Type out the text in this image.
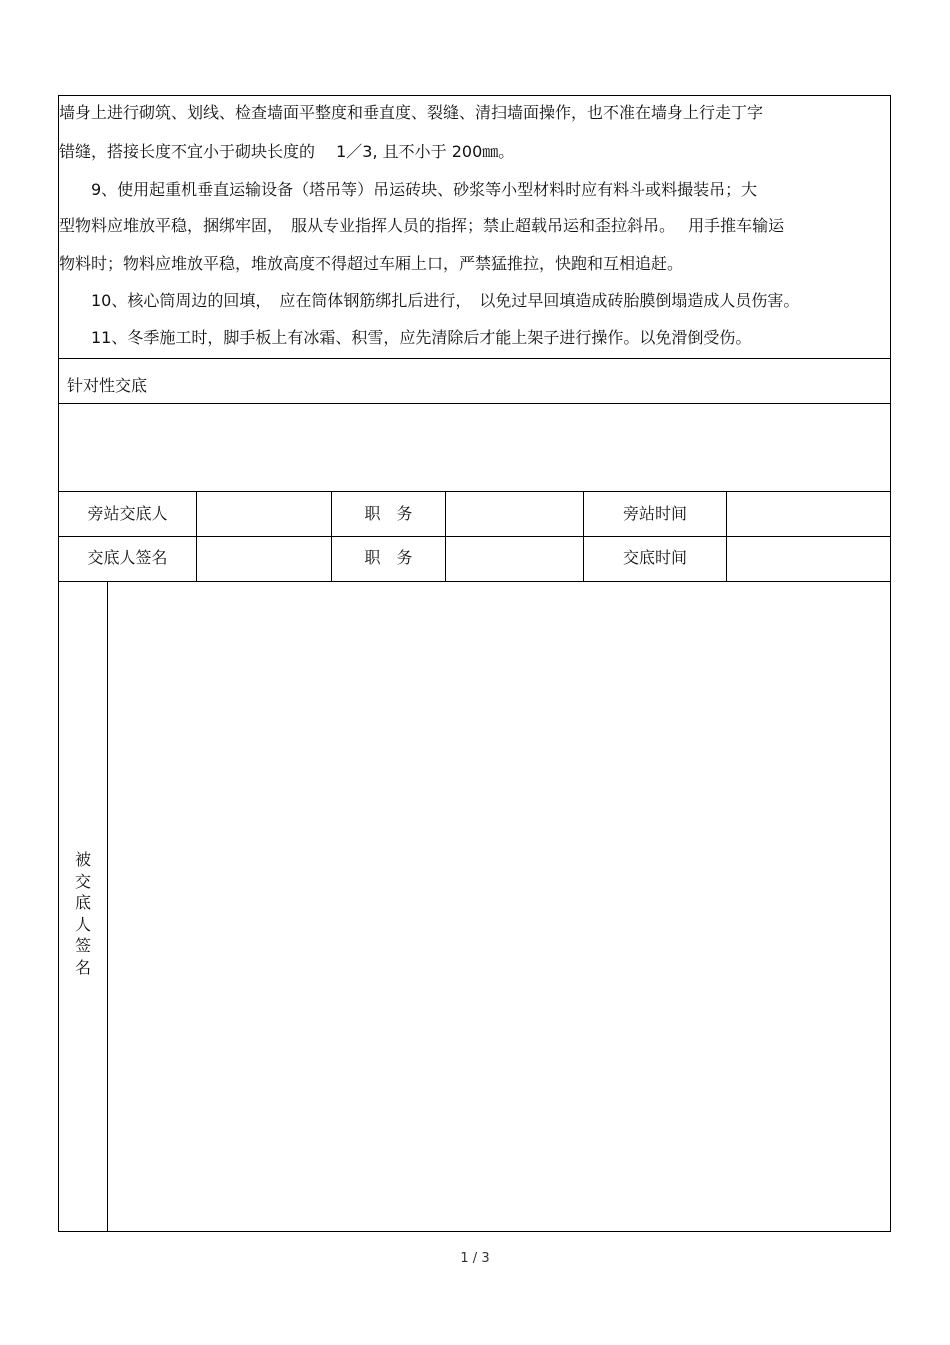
墙身上进行砌筑、划线、检查墙面平整度和垂直度、裂缝、清扫墙面操作，也不准在墙身上行走丁字
错缝，搭接长度不宜小于砌块长度的　 1／3, 且不小于 200㎜。
　　9、使用起重机垂直运输设备（塔吊等）吊运砖块、砂浆等小型材料时应有料斗或料撮装吊；大
型物料应堆放平稳，捆绑牢固，　服从专业指挥人员的指挥；禁止超载吊运和歪拉斜吊。　 用手推车输运
物料时；物料应堆放平稳，堆放高度不得超过车厢上口，严禁猛推拉，快跑和互相追赶。
　　10、核心筒周边的回填，　应在筒体钢筋绑扎后进行，　以免过早回填造成砖胎膜倒塌造成人员伤害。
　　11、冬季施工时，脚手板上有冰霜、积雪，应先清除后才能上架子进行操作。以免滑倒受伤。
针对性交底
旁站交底人	职　务	旁站时间
交底人签名	职　务	交底时间
被
交
底
人
签
名
1 / 3
